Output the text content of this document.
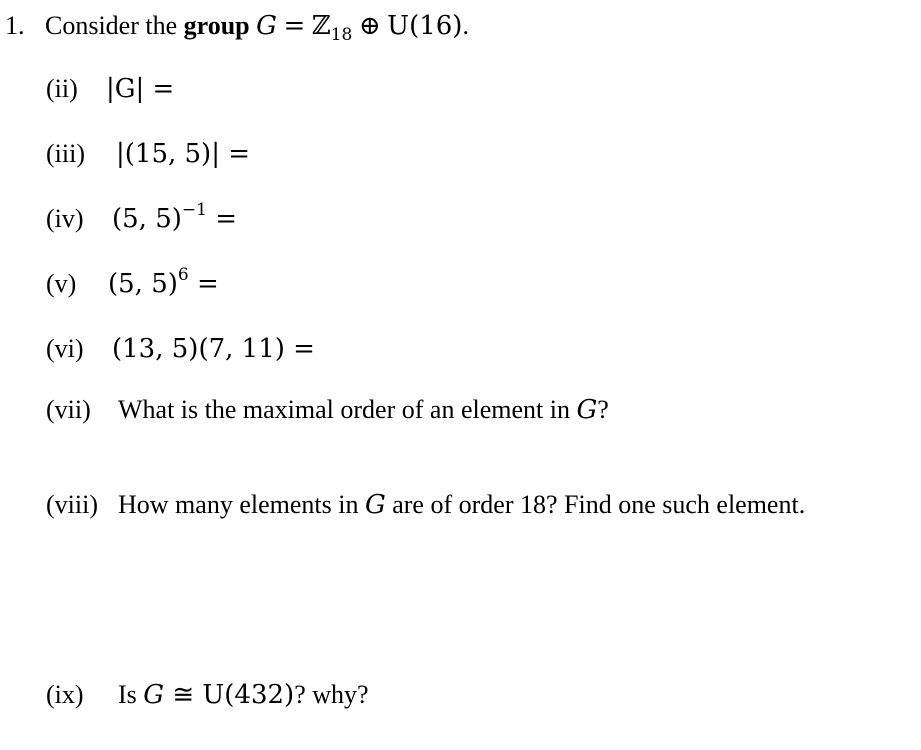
1. Consider the group G = ℤ$_{18}$ ⊕ U(16).
(ii) |G| =
(iii) |(15, 5)| =
(iv) (5, 5)$^{-1}$ =
(v) (5, 5)$^6$ =
(vi) (13, 5)(7, 11) =
(vii) What is the maximal order of an element in G?
(viii) How many elements in G are of order 18? Find one such element.
(ix) Is G ≅ U(432)? why?
